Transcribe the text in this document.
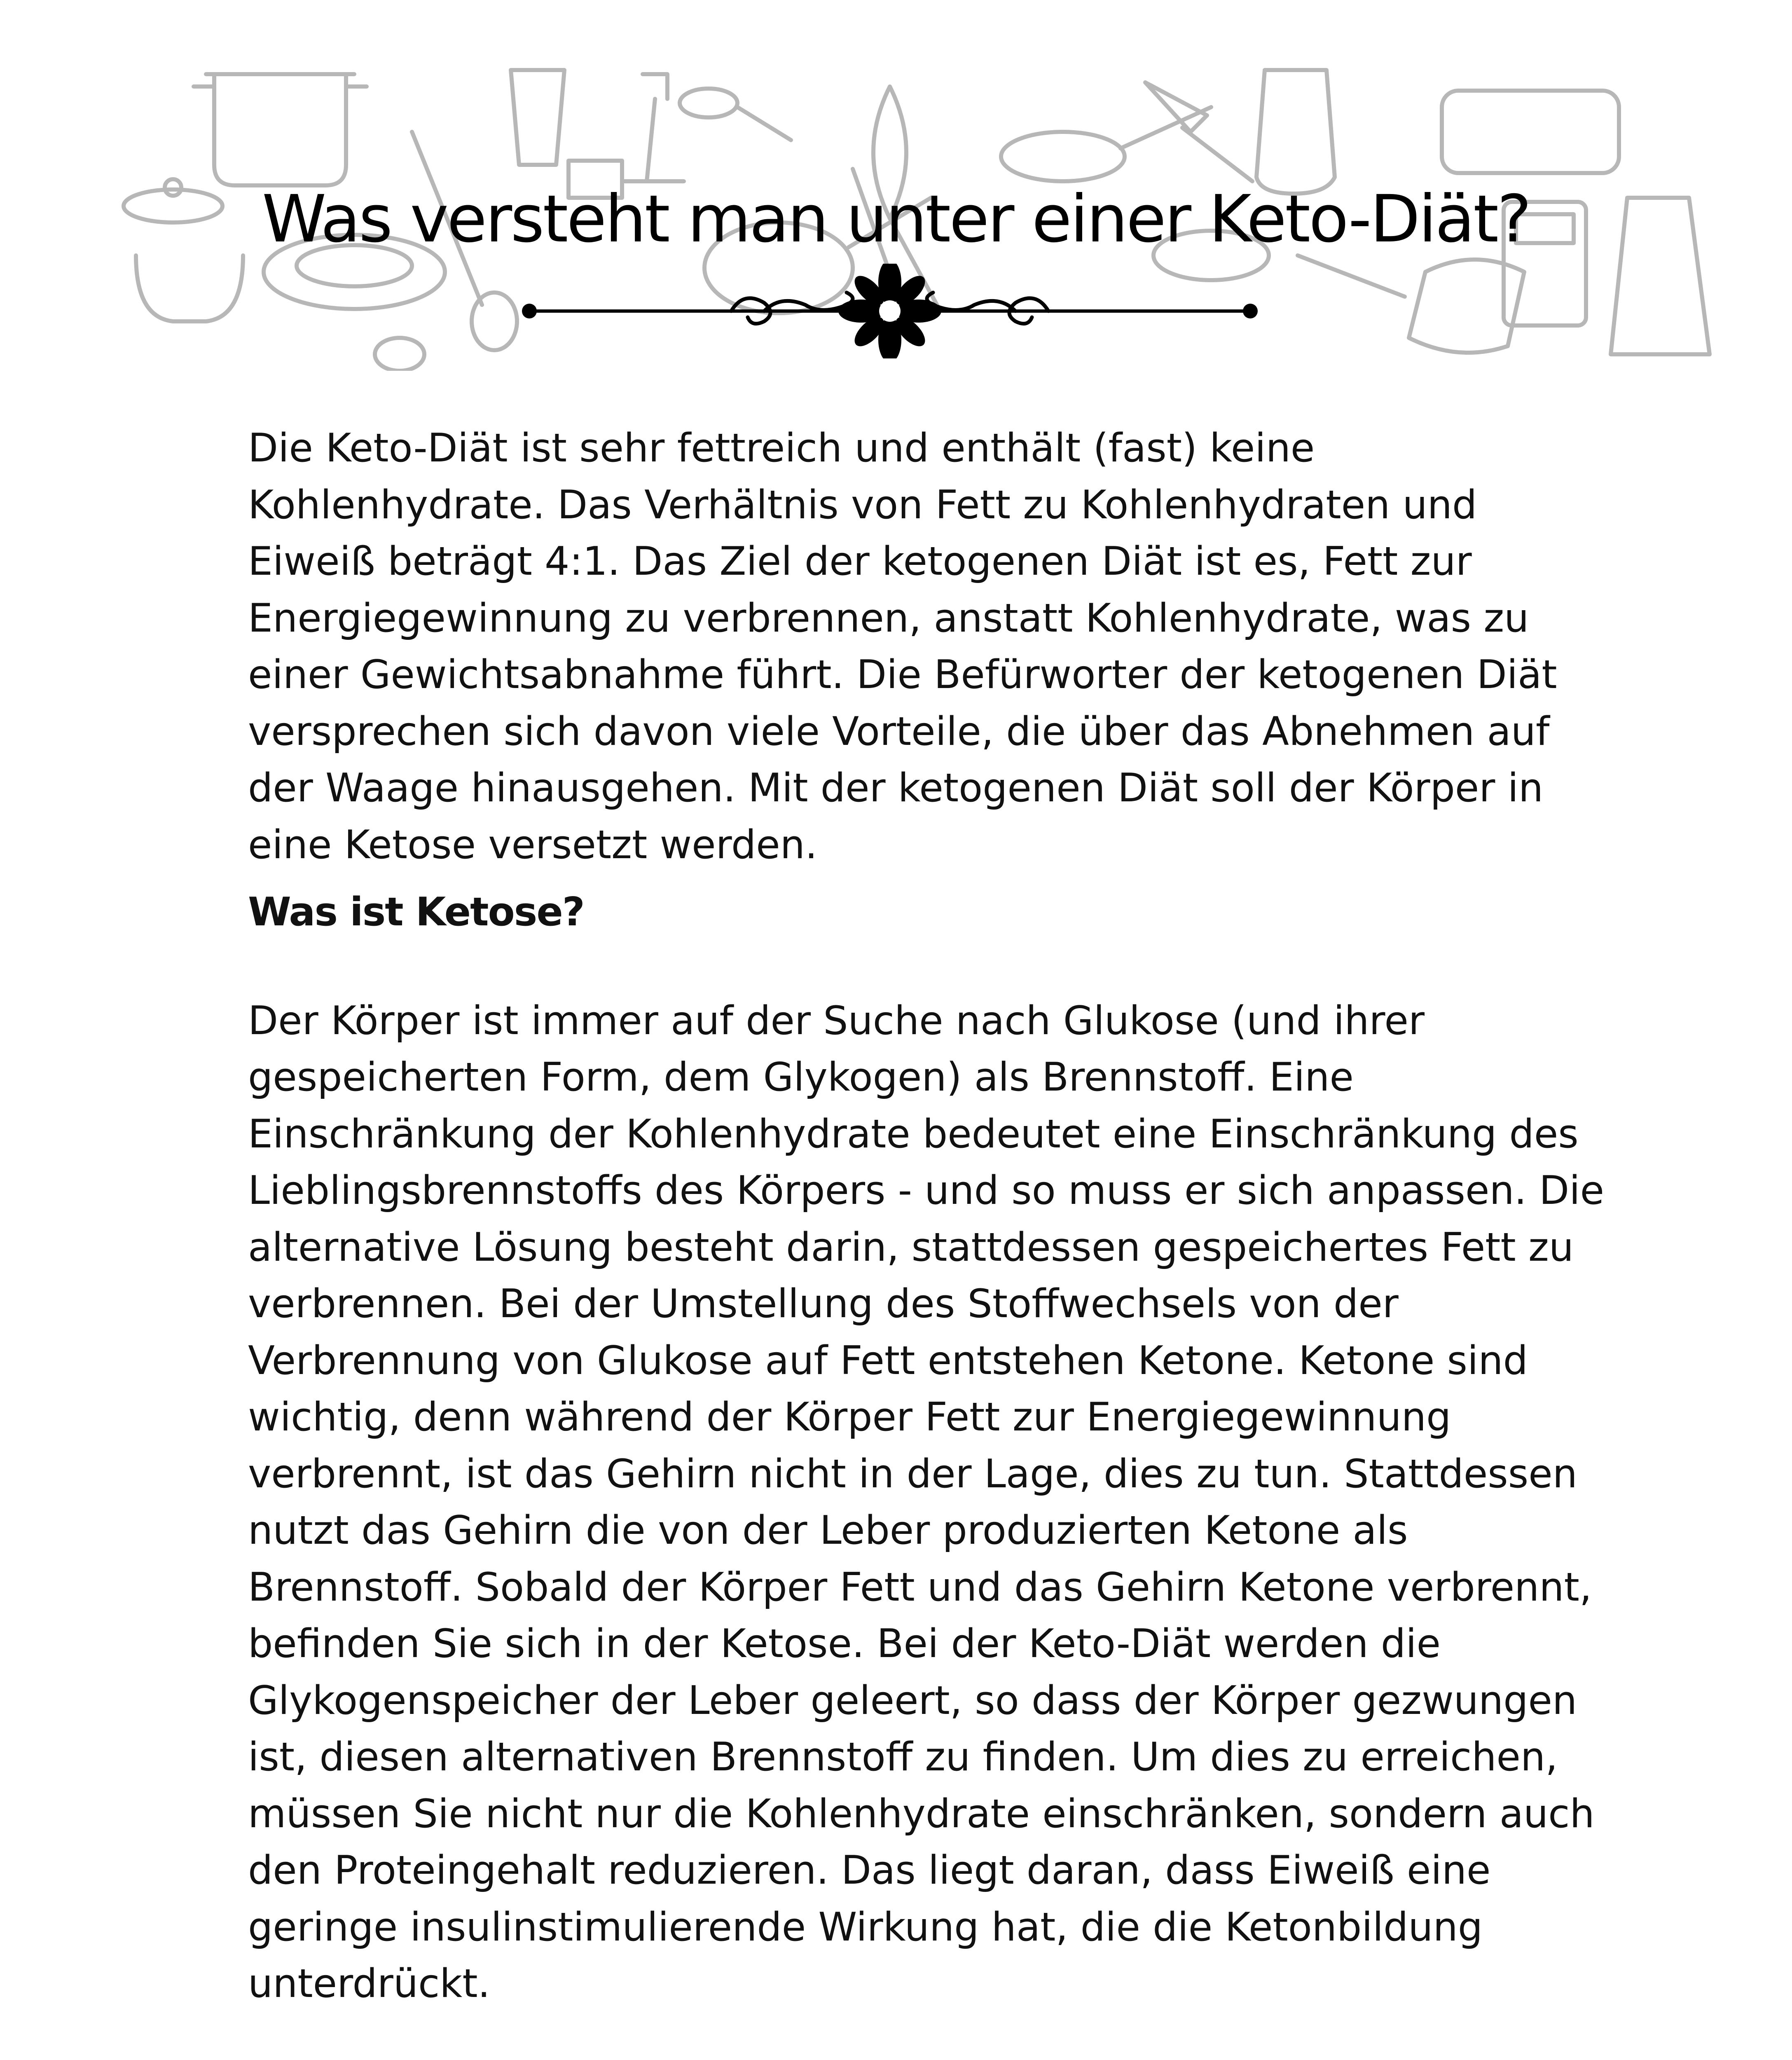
Was versteht man unter einer Keto-Diät?

Die Keto-Diät ist sehr fettreich und enthält (fast) keine Kohlenhydrate. Das Verhältnis von Fett zu Kohlenhydraten und Eiweiß beträgt 4:1. Das Ziel der ketogenen Diät ist es, Fett zur Energiegewinnung zu verbrennen, anstatt Kohlenhydrate, was zu einer Gewichtsabnahme führt. Die Befürworter der ketogenen Diät versprechen sich davon viele Vorteile, die über das Abnehmen auf der Waage hinausgehen. Mit der ketogenen Diät soll der Körper in eine Ketose versetzt werden.

Was ist Ketose?

Der Körper ist immer auf der Suche nach Glukose (und ihrer gespeicherten Form, dem Glykogen) als Brennstoff. Eine Einschränkung der Kohlenhydrate bedeutet eine Einschränkung des Lieblingsbrennstoffs des Körpers - und so muss er sich anpassen. Die alternative Lösung besteht darin, stattdessen gespeichertes Fett zu verbrennen. Bei der Umstellung des Stoffwechsels von der Verbrennung von Glukose auf Fett entstehen Ketone. Ketone sind wichtig, denn während der Körper Fett zur Energiegewinnung verbrennt, ist das Gehirn nicht in der Lage, dies zu tun. Stattdessen nutzt das Gehirn die von der Leber produzierten Ketone als Brennstoff. Sobald der Körper Fett und das Gehirn Ketone verbrennt, befinden Sie sich in der Ketose. Bei der Keto-Diät werden die Glykogenspeicher der Leber geleert, so dass der Körper gezwungen ist, diesen alternativen Brennstoff zu finden. Um dies zu erreichen, müssen Sie nicht nur die Kohlenhydrate einschränken, sondern auch den Proteingehalt reduzieren. Das liegt daran, dass Eiweiß eine geringe insulinstimulierende Wirkung hat, die die Ketonbildung unterdrückt.
